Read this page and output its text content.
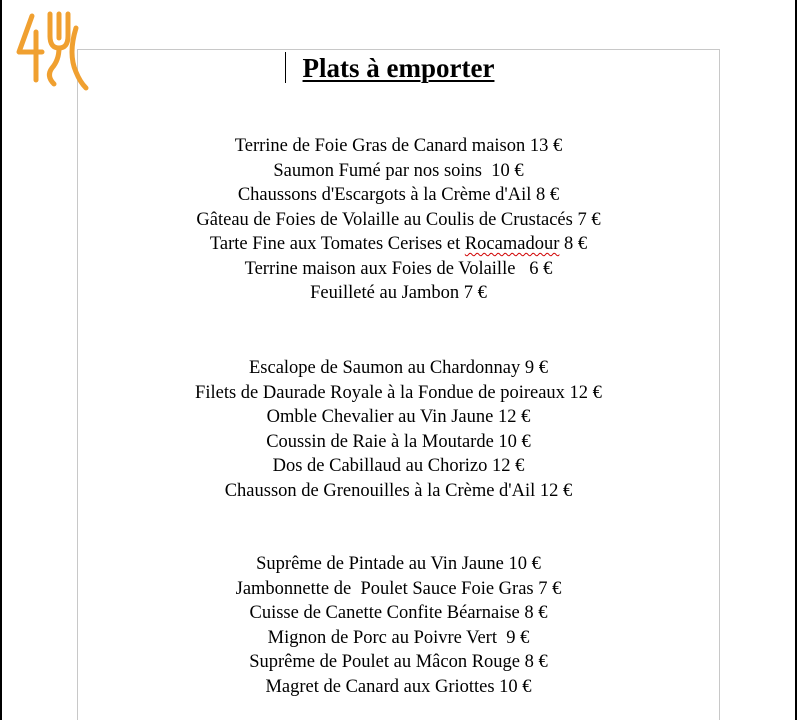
Plats à emporter
Terrine de Foie Gras de Canard maison 13 €
Saumon Fumé par nos soins  10 €
Chaussons d'Escargots à la Crème d'Ail 8 €
Gâteau de Foies de Volaille au Coulis de Crustacés 7 €
Tarte Fine aux Tomates Cerises et Rocamadour 8 €
Terrine maison aux Foies de Volaille   6 €
Feuilleté au Jambon 7 €
Escalope de Saumon au Chardonnay 9 €
Filets de Daurade Royale à la Fondue de poireaux 12 €
Omble Chevalier au Vin Jaune 12 €
Coussin de Raie à la Moutarde 10 €
Dos de Cabillaud au Chorizo 12 €
Chausson de Grenouilles à la Crème d'Ail 12 €
Suprême de Pintade au Vin Jaune 10 €
Jambonnette de  Poulet Sauce Foie Gras 7 €
Cuisse de Canette Confite Béarnaise 8 €
Mignon de Porc au Poivre Vert  9 €
Suprême de Poulet au Mâcon Rouge 8 €
Magret de Canard aux Griottes 10 €
